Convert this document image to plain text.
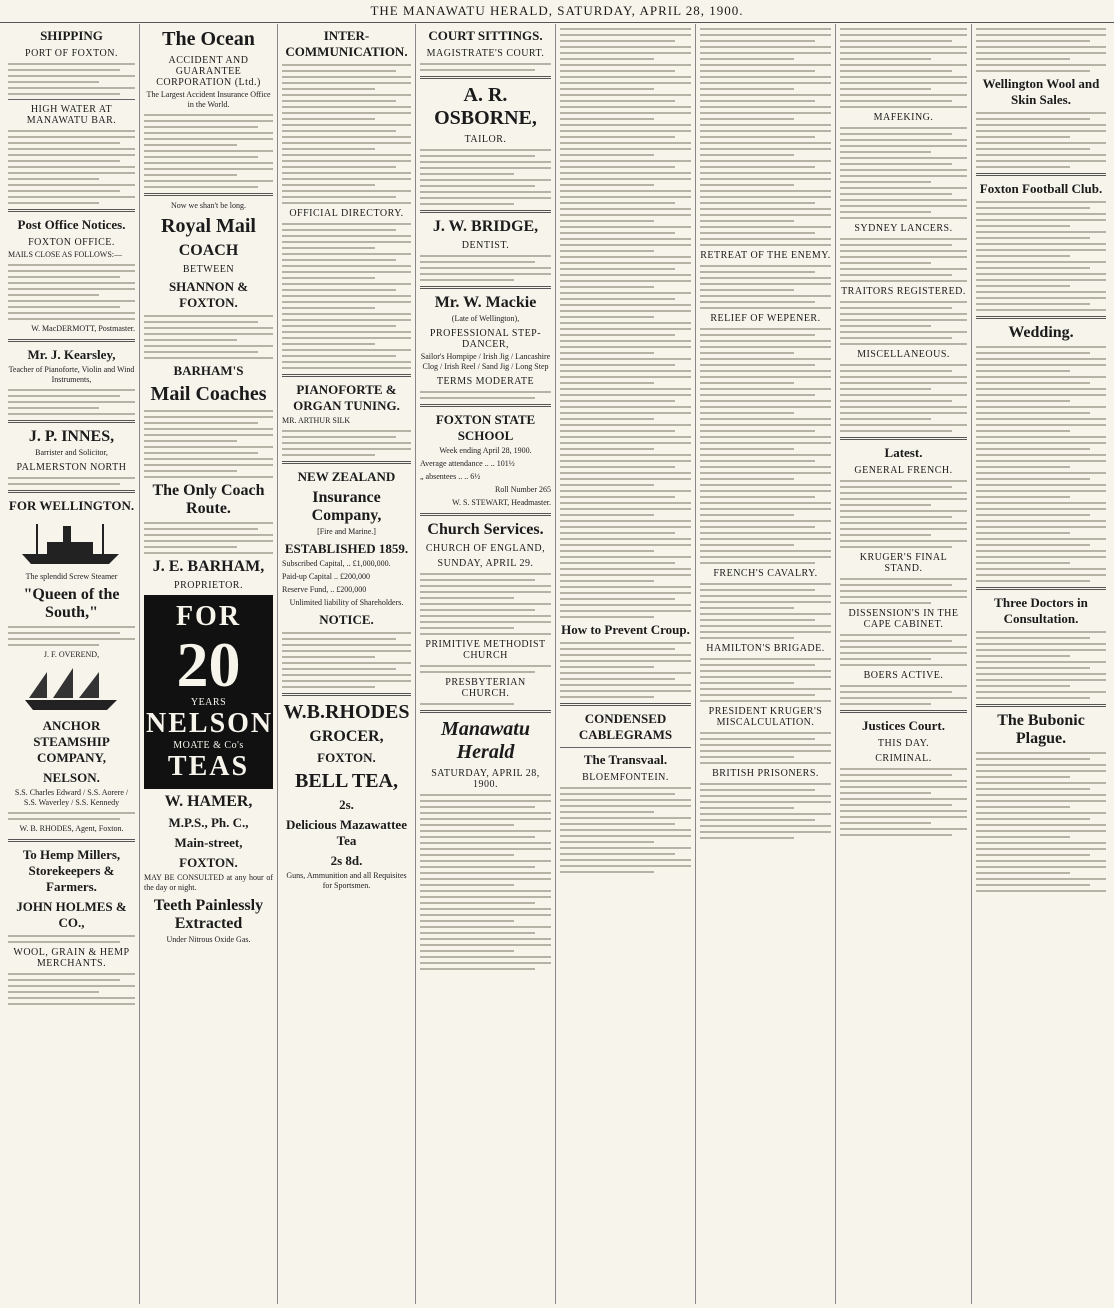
THE MANAWATU HERALD, SATURDAY, APRIL 28, 1900.
SHIPPING
PORT OF FOXTON.
HIGH WATER AT MANAWATU BAR.
Post Office Notices.
FOXTON OFFICE.
MAILS CLOSE AS FOLLOWS:—
W. MacDERMOTT, Postmaster.
Mr. J. Kearsley,
Teacher of Pianoforte, Violin and Wind Instruments,
J. P. INNES,
Barrister and Solicitor,
PALMERSTON NORTH
FOR WELLINGTON.
The splendid Screw Steamer
"Queen of the South,"
J. F. OVEREND,
ANCHOR STEAMSHIP COMPANY,
NELSON.
S.S. Charles Edward / S.S. Aorere / S.S. Waverley / S.S. Kennedy
W. B. RHODES, Agent, Foxton.
To Hemp Millers, Storekeepers & Farmers.
JOHN HOLMES & CO.,
WOOL, GRAIN & HEMP MERCHANTS.
The Ocean
ACCIDENT AND GUARANTEE CORPORATION (Ltd.)
The Largest Accident Insurance Office in the World.
Now we shan't be long.
Royal Mail
COACH
BETWEEN
SHANNON & FOXTON.
BARHAM'S
Mail Coaches
The Only Coach Route.
J. E. BARHAM,
PROPRIETOR.
FOR
20
YEARS
NELSON
MOATE & Co's
TEAS
W. HAMER,
M.P.S., Ph. C.,
Main-street,
FOXTON.
MAY BE CONSULTED at any hour of the day or night.
Teeth Painlessly Extracted
Under Nitrous Oxide Gas.
INTER-COMMUNICATION.
OFFICIAL DIRECTORY.
PIANOFORTE & ORGAN TUNING.
MR. ARTHUR SILK
NEW ZEALAND
Insurance Company,
[Fire and Marine.]
ESTABLISHED 1859.
Subscribed Capital, .. £1,000,000.
Paid-up Capital .. £200,000
Reserve Fund, .. £200,000
Unlimited liability of Shareholders.
NOTICE.
W.B.RHODES
GROCER,
FOXTON.
BELL TEA,
2s.
Delicious Mazawattee Tea
2s 8d.
Guns, Ammunition and all Requisites for Sportsmen.
COURT SITTINGS.
MAGISTRATE'S COURT.
A. R. OSBORNE,
TAILOR.
J. W. BRIDGE,
DENTIST.
Mr. W. Mackie
(Late of Wellington),
PROFESSIONAL STEP-DANCER,
Sailor's Hornpipe / Irish Jig / Lancashire Clog / Irish Reel / Sand Jig / Long Step
TERMS MODERATE
FOXTON STATE SCHOOL
Week ending April 28, 1900.
Average attendance .. .. 101½
„ absentees .. .. 6½
Roll Number 265
W. S. STEWART, Headmaster.
Church Services.
CHURCH OF ENGLAND,
SUNDAY, APRIL 29.
PRIMITIVE METHODIST CHURCH
PRESBYTERIAN CHURCH.
Manawatu Herald
SATURDAY, APRIL 28, 1900.
How to Prevent Croup.
CONDENSED CABLEGRAMS
The Transvaal.
BLOEMFONTEIN.
RETREAT OF THE ENEMY.
RELIEF OF WEPENER.
FRENCH'S CAVALRY.
HAMILTON'S BRIGADE.
PRESIDENT KRUGER'S MISCALCULATION.
BRITISH PRISONERS.
MAFEKING.
SYDNEY LANCERS.
TRAITORS REGISTERED.
MISCELLANEOUS.
Latest.
GENERAL FRENCH.
KRUGER'S FINAL STAND.
DISSENSION'S IN THE CAPE CABINET.
BOERS ACTIVE.
Justices Court.
THIS DAY.
CRIMINAL.
Wellington Wool and Skin Sales.
Foxton Football Club.
Wedding.
Three Doctors in Consultation.
The Bubonic Plague.
